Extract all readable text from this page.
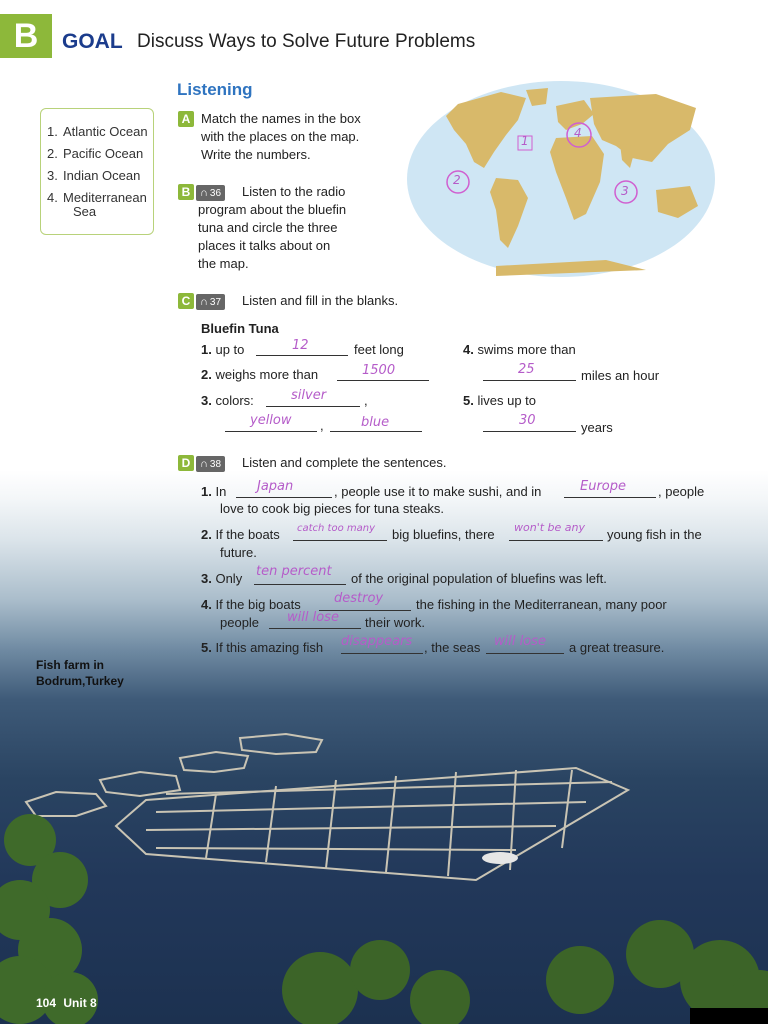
B	GOAL Discuss Ways to Solve Future Problems
Listening
1. Atlantic Ocean
2. Pacific Ocean
3. Indian Ocean
4. Mediterranean
Sea
A Match the names in the box
with the places on the map.
Write the numbers.
B ∩ 36	Listen to the radio
program about the bluefin
tuna and circle the three
places it talks about on
the map.
1
2
3
4
C ∩ 37	Listen and fill in the blanks.
Bluefin Tuna
1. up to	12	feet long
2. weighs more than	1500
3. colors:	silver	,
yellow ,	blue
4. swims more than
25	miles an hour
5. lives up to
30	years
D ∩ 38	Listen and complete the sentences.
1. In Japan	, people use it to make sushi, and in	Europe , people
love to cook big pieces for tuna steaks.
2. If the boats catch too many big bluefins, there won't be any young fish in the
future.
3. Only ten percent of the original population of bluefins was left.
4. If the big boats	destroy	the fishing in the Mediterranean, many poor
people will lose their work.
5. If this amazing fish disappears , the seas will lose a great treasure.
Fish farm in
Bodrum,Turkey
104 Unit 8
